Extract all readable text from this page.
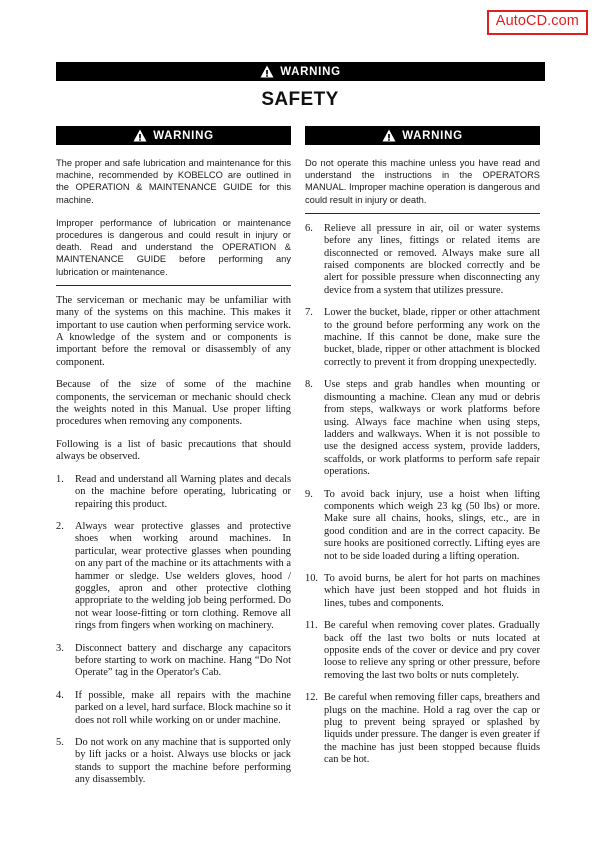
AutoCD.com
WARNING
SAFETY
WARNING

The proper and safe lubrication and maintenance for this machine, recommended by KOBELCO are outlined in the OPERATION & MAINTENANCE GUIDE for this machine.

Improper performance of lubrication or maintenance procedures is dangerous and could result in injury or death. Read and understand the OPERATION & MAINTENANCE GUIDE before performing any lubrication or maintenance.

The serviceman or mechanic may be unfamiliar with many of the systems on this machine. This makes it important to use caution when performing service work. A knowledge of the system and or components is important before the removal or disassembly of any component.

Because of the size of some of the machine components, the serviceman or mechanic should check the weights noted in this Manual. Use proper lifting procedures when removing any components.

Following is a list of basic precautions that should always be observed.

1.	Read and understand all Warning plates and decals on the machine before operating, lubricating or repairing this product.
2.	Always wear protective glasses and protective shoes when working around machines. In particular, wear protective glasses when pounding on any part of the machine or its attachments with a hammer or sledge. Use welders gloves, hood / goggles, apron and other protective clothing appropriate to the welding job being performed. Do not wear loose-fitting or torn clothing. Remove all rings from fingers when working on machinery.
3.	Disconnect battery and discharge any capacitors before starting to work on machine. Hang “Do Not Operate” tag in the Operator's Cab.
4.	If possible, make all repairs with the machine parked on a level, hard surface. Block machine so it does not roll while working on or under machine.
5.	Do not work on any machine that is supported only by lift jacks or a hoist. Always use blocks or jack stands to support the machine before performing any disassembly.
WARNING

Do not operate this machine unless you have read and understand the instructions in the OPERATORS MANUAL. Improper machine operation is dangerous and could result in injury or death.

6.	Relieve all pressure in air, oil or water systems before any lines, fittings or related items are disconnected or removed. Always make sure all raised components are blocked correctly and be alert for possible pressure when disconnecting any device from a system that utilizes pressure.
7.	Lower the bucket, blade, ripper or other attachment to the ground before performing any work on the machine. If this cannot be done, make sure the bucket, blade, ripper or other attachment is blocked correctly to prevent it from dropping unexpectedly.
8.	Use steps and grab handles when mounting or dismounting a machine. Clean any mud or debris from steps, walkways or work platforms before using. Always face machine when using steps, ladders and walkways. When it is not possible to use the designed access system, provide ladders, scaffolds, or work platforms to perform safe repair operations.
9.	To avoid back injury, use a hoist when lifting components which weigh 23 kg (50 lbs) or more. Make sure all chains, hooks, slings, etc., are in good condition and are in the correct capacity. Be sure hooks are positioned correctly. Lifting eyes are not to be side loaded during a lifting operation.
10. To avoid burns, be alert for hot parts on machines which have just been stopped and hot fluids in lines, tubes and components.
11. Be careful when removing cover plates. Gradually back off the last two bolts or nuts located at opposite ends of the cover or device and pry cover loose to relieve any spring or other pressure, before removing the last two bolts or nuts completely.
12. Be careful when removing filler caps, breathers and plugs on the machine. Hold a rag over the cap or plug to prevent being sprayed or splashed by liquids under pressure. The danger is even greater if the machine has just been stopped because fluids can be hot.
